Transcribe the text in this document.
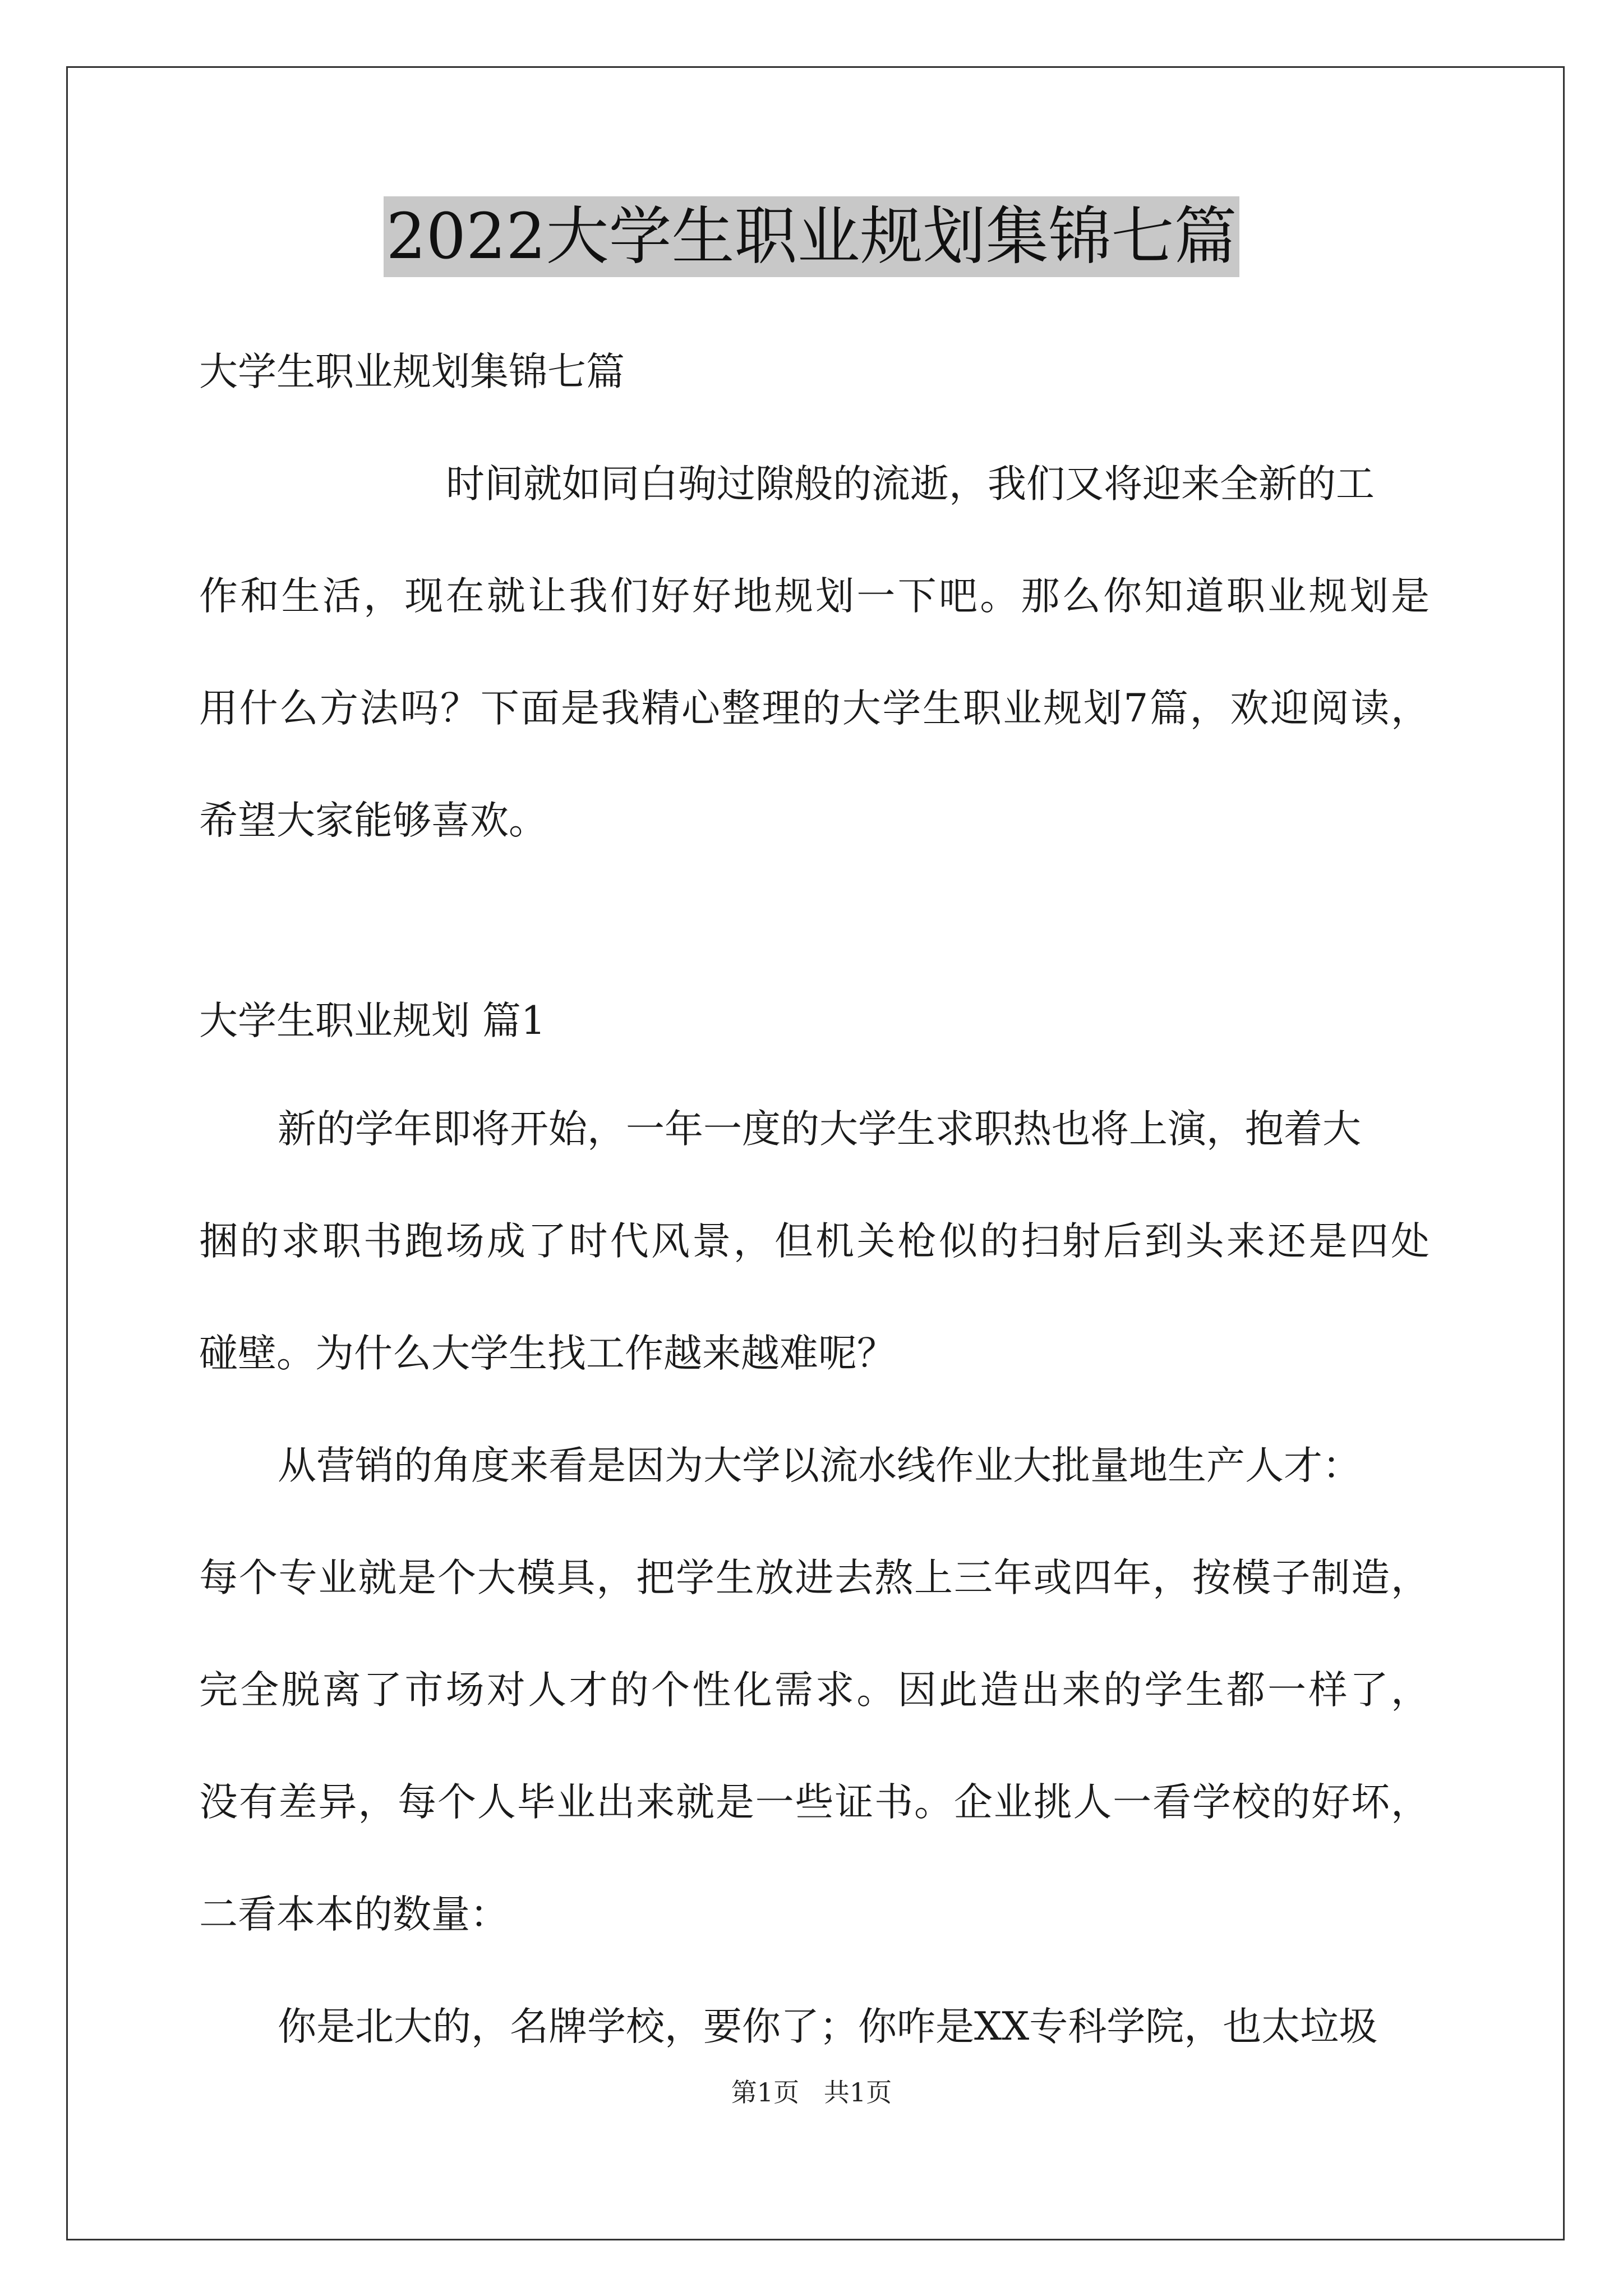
2022大学生职业规划集锦七篇
大学生职业规划集锦七篇
时间就如同白驹过隙般的流逝，我们又将迎来全新的工
作和生活，现在就让我们好好地规划一下吧。那么你知道职业规划是
用什么方法吗？下面是我精心整理的大学生职业规划7篇，欢迎阅读，
希望大家能够喜欢。
大学生职业规划 篇1
新的学年即将开始，一年一度的大学生求职热也将上演，抱着大
捆的求职书跑场成了时代风景，但机关枪似的扫射后到头来还是四处
碰壁。为什么大学生找工作越来越难呢？
从营销的角度来看是因为大学以流水线作业大批量地生产人才：
每个专业就是个大模具，把学生放进去熬上三年或四年，按模子制造，
完全脱离了市场对人才的个性化需求。因此造出来的学生都一样了，
没有差异，每个人毕业出来就是一些证书。企业挑人一看学校的好坏，
二看本本的数量：
你是北大的，名牌学校，要你了；你咋是XX专科学院，也太垃圾
第1页   共1页
